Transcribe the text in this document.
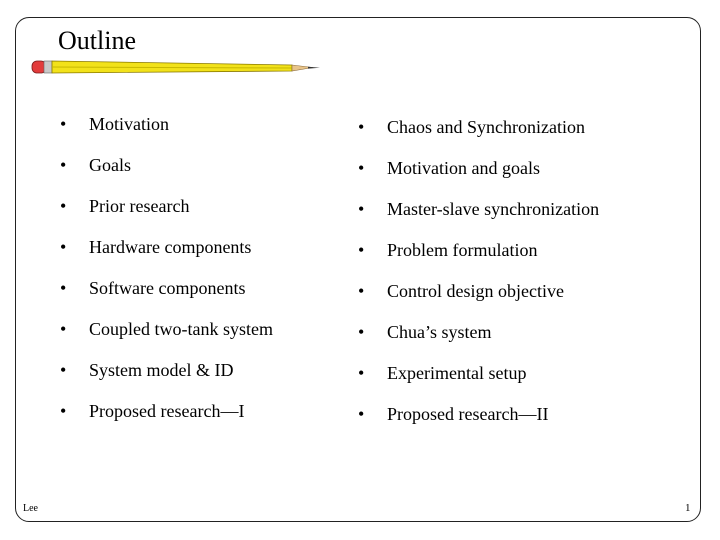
Outline
•	Motivation
•	Goals
•	Prior research
•	Hardware components
•	Software components
•	Coupled two-tank system
•	System model & ID
•	Proposed research—I
•	Chaos and Synchronization
•	Motivation and goals
•	Master-slave synchronization
•	Problem formulation
•	Control design objective
•	Chua’s system
•	Experimental setup
•	Proposed research—II
Lee	1
